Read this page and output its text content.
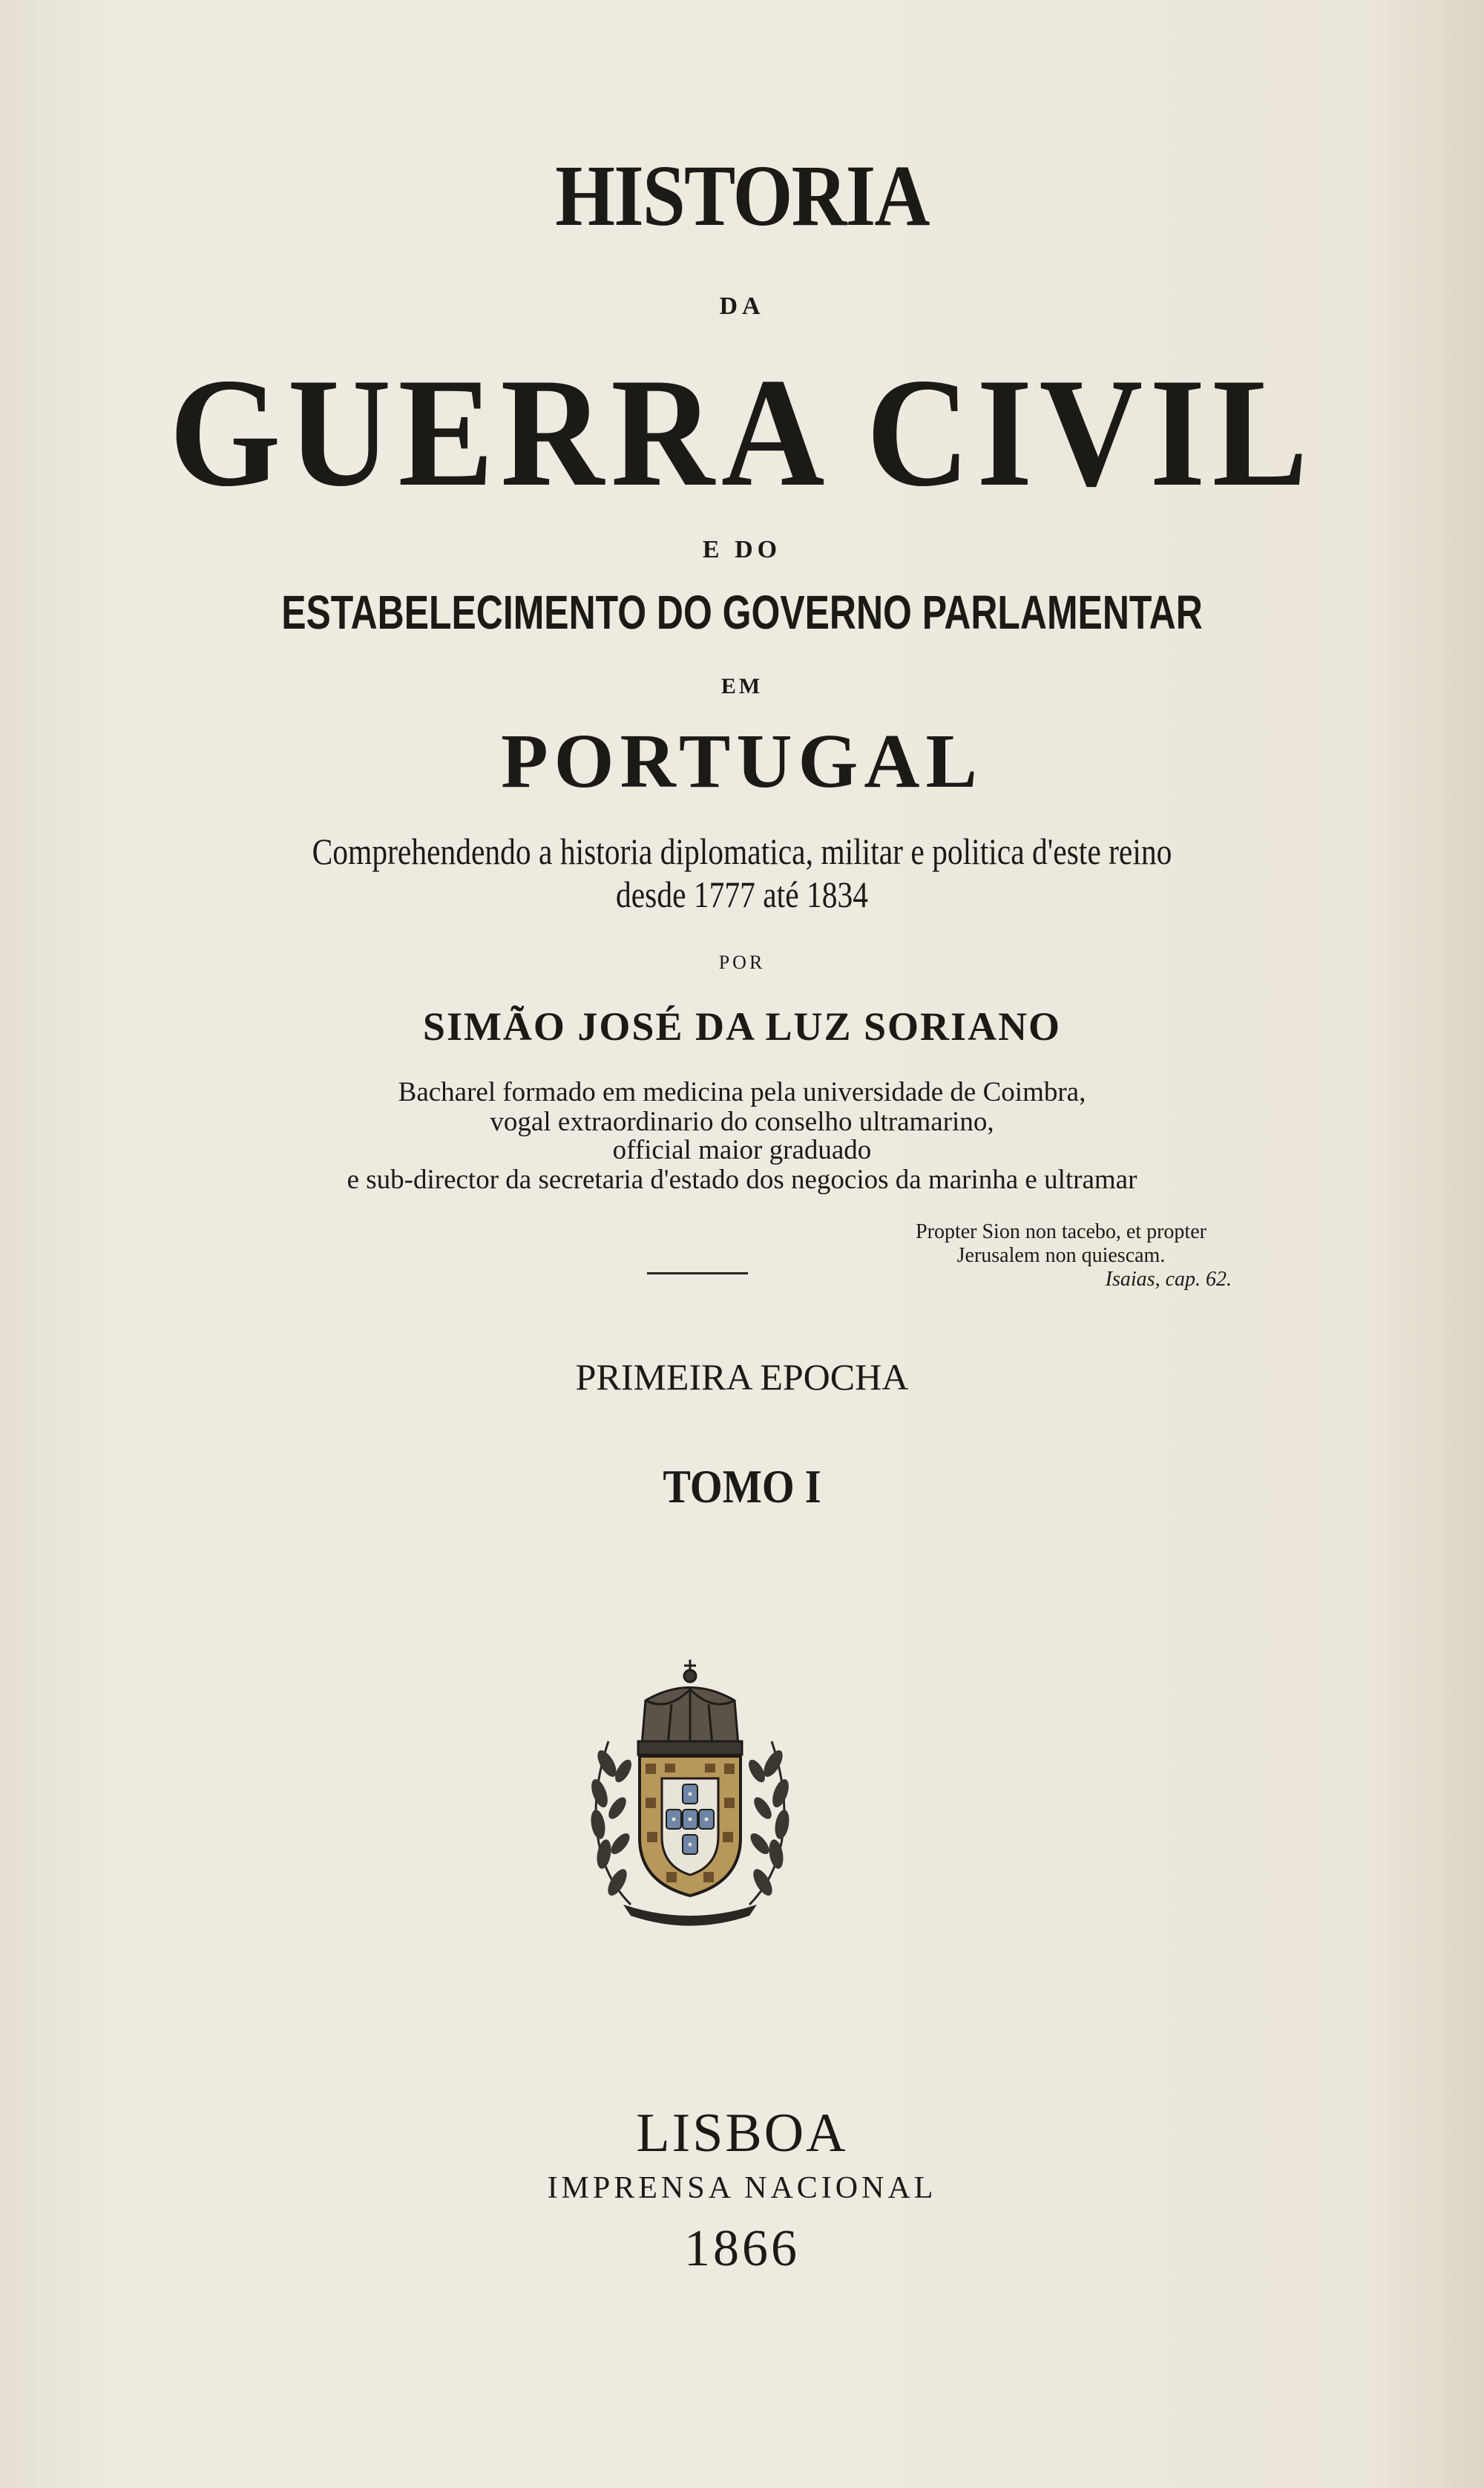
HISTORIA
DA
GUERRA CIVIL
E DO
ESTABELECIMENTO DO GOVERNO PARLAMENTAR
EM
PORTUGAL
Comprehendendo a historia diplomatica, militar e politica d'este reino
desde 1777 até 1834
POR
SIMÃO JOSÉ DA LUZ SORIANO
Bacharel formado em medicina pela universidade de Coimbra,
vogal extraordinario do conselho ultramarino,
official maior graduado
e sub-director da secretaria d'estado dos negocios da marinha e ultramar
Propter Sion non tacebo, et propter
Jerusalem non quiescam.
Isaias, cap. 62.
PRIMEIRA EPOCHA
TOMO I
LISBOA
IMPRENSA NACIONAL
1866
